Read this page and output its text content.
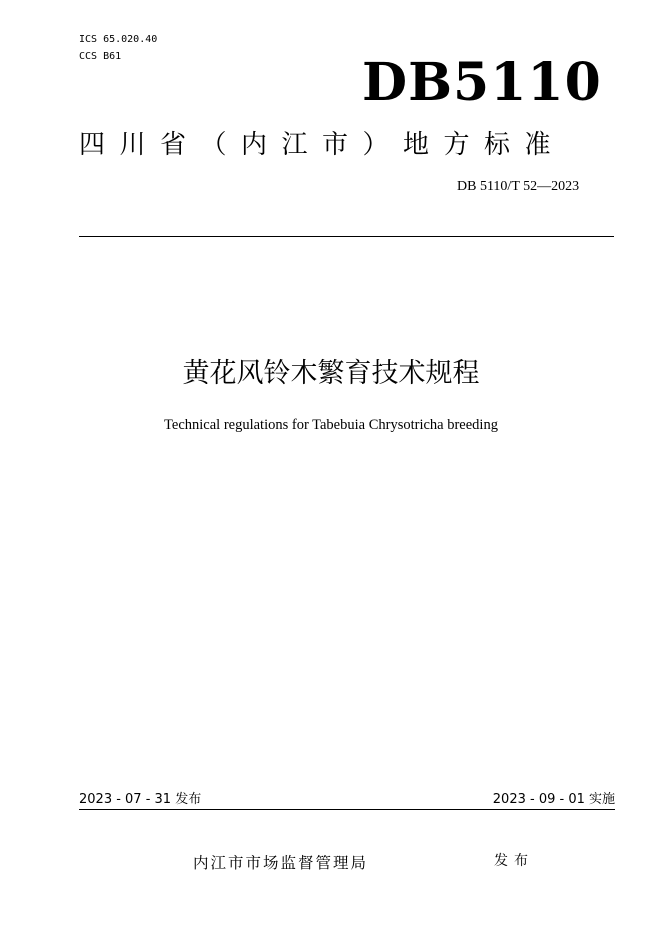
ICS 65.020.40
CCS B61	DB5110
四川省（内江市）地方标准
DB 5110/T 52—2023
黄花风铃木繁育技术规程
Technical regulations for Tabebuia Chrysotricha breeding
2023 - 07 - 31 发布	2023 - 09 - 01 实施
内江市市场监督管理局	发布
